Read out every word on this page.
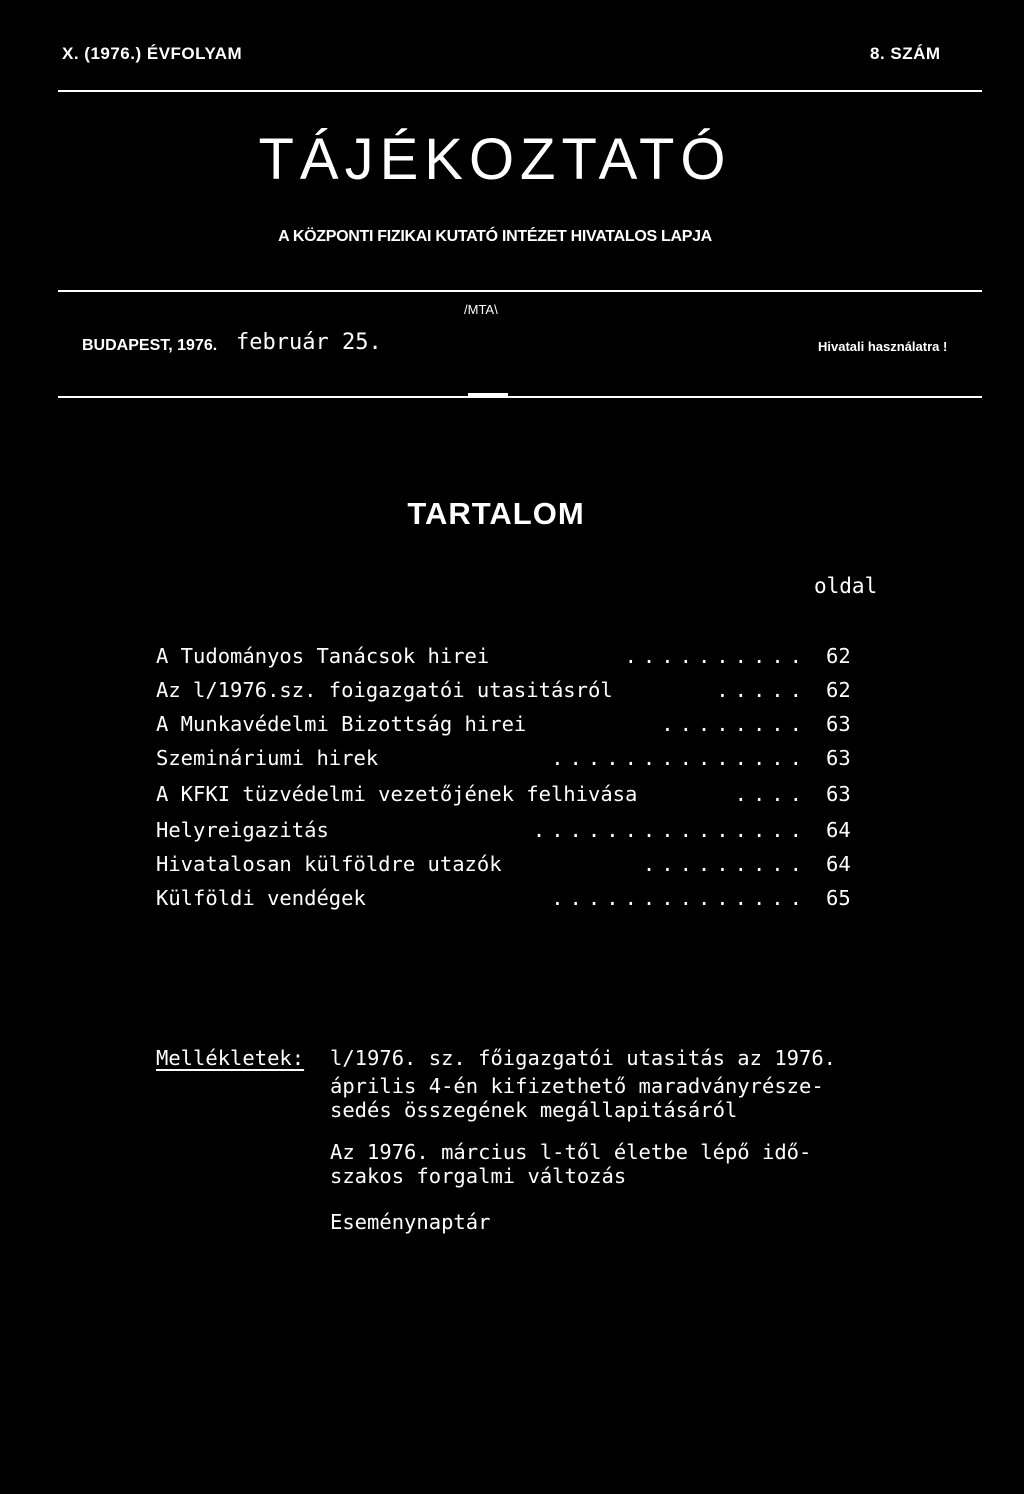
X. (1976.) ÉVFOLYAM	8. SZÁM
TÁJÉKOZTATÓ
A KÖZPONTI FIZIKAI KUTATÓ INTÉZET HIVATALOS LAPJA
/MTA\
BUDAPEST, 1976. február 25.	Hivatali használatra !
TARTALOM
oldal
A Tudományos Tanácsok hirei	.......... 62
Az l/1976.sz. foigazgatói utasitásról	..... 62
A Munkavédelmi Bizottság hirei	........ 63
Szemináriumi hirek	.............. 63
A KFKI tüzvédelmi vezetőjének felhivása	.... 63
Helyreigazitás	............... 64
Hivatalosan külföldre utazók	......... 64
Külföldi vendégek	.............. 65
Mellékletek: l/1976. sz. főigazgatói utasitás az 1976.
április 4-én kifizethető maradványrésze-
sedés összegének megállapitásáról
Az 1976. március l-től életbe lépő idő-
szakos forgalmi változás
Eseménynaptár
